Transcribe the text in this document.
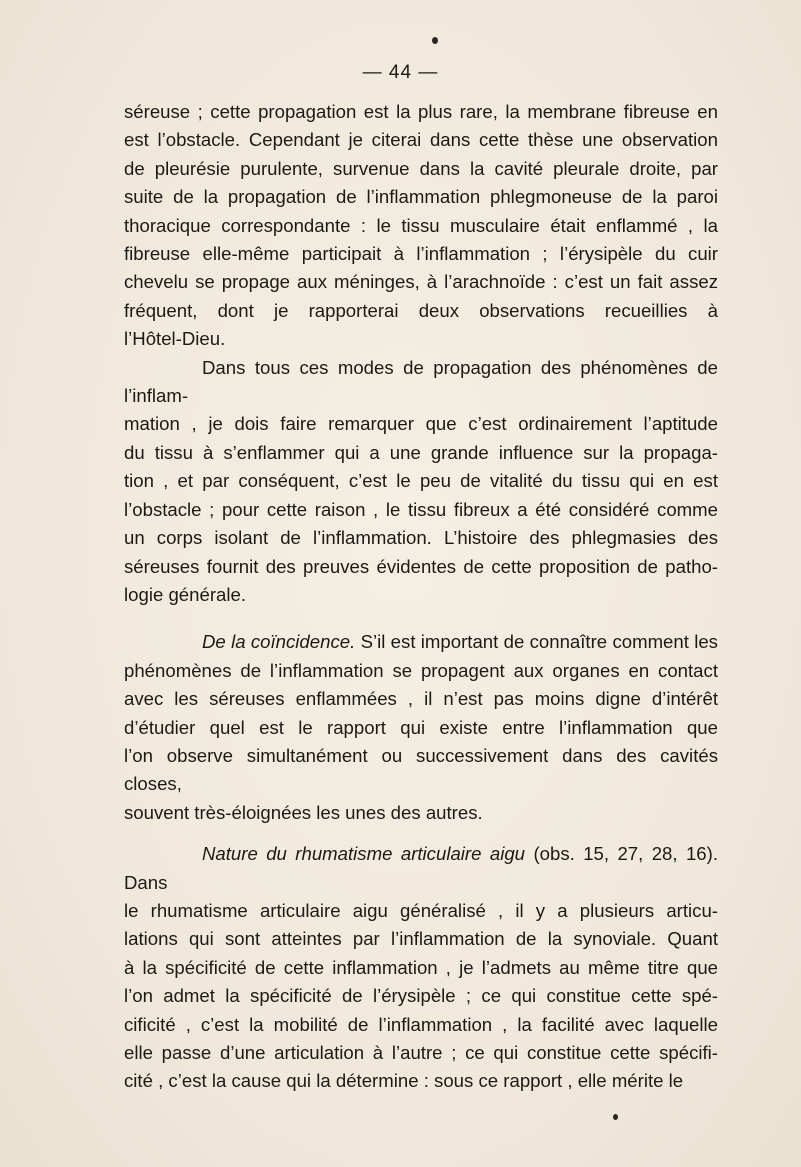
— 44 —

séreuse ; cette propagation est la plus rare, la membrane fibreuse en

est l’obstacle. Cependant je citerai dans cette thèse une observation

de pleurésie purulente, survenue dans la cavité pleurale droite, par

suite de la propagation de l’inflammation phlegmoneuse de la paroi

thoracique correspondante : le tissu musculaire était enflammé , la

fibreuse elle-même participait à l’inflammation ; l’érysipèle du cuir

chevelu se propage aux méninges, à l’arachnoïde : c’est un fait assez

fréquent, dont je rapporterai deux observations recueillies à

l’Hôtel-Dieu.

Dans tous ces modes de propagation des phénomènes de l’inflam-

mation , je dois faire remarquer que c’est ordinairement l’aptitude

du tissu à s’enflammer qui a une grande influence sur la propaga-

tion , et par conséquent, c’est le peu de vitalité du tissu qui en est

l’obstacle ; pour cette raison , le tissu fibreux a été considéré comme

un corps isolant de l’inflammation. L’histoire des phlegmasies des

séreuses fournit des preuves évidentes de cette proposition de patho-

logie générale.

De la coïncidence. S’il est important de connaître comment les

phénomènes de l’inflammation se propagent aux organes en contact

avec les séreuses enflammées , il n’est pas moins digne d’intérêt

d’étudier quel est le rapport qui existe entre l’inflammation que

l’on observe simultanément ou successivement dans des cavités closes,

souvent très-éloignées les unes des autres.

Nature du rhumatisme articulaire aigu (obs. 15, 27, 28, 16). Dans

le rhumatisme articulaire aigu généralisé , il y a plusieurs articu-

lations qui sont atteintes par l’inflammation de la synoviale. Quant

à la spécificité de cette inflammation , je l’admets au même titre que

l’on admet la spécificité de l’érysipèle ; ce qui constitue cette spé-

cificité , c’est la mobilité de l’inflammation , la facilité avec laquelle

elle passe d’une articulation à l’autre ; ce qui constitue cette spécifi-

cité , c’est la cause qui la détermine : sous ce rapport , elle mérite le
